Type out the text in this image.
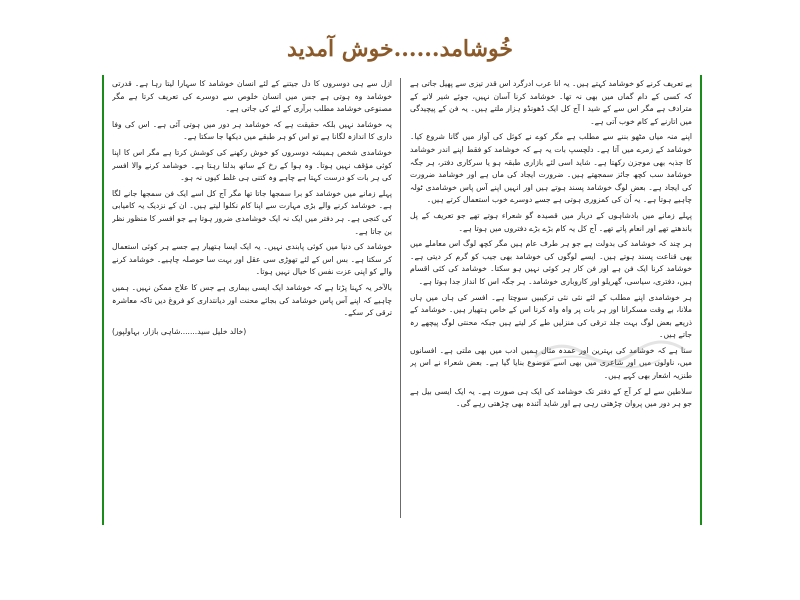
خُوشامد......خوش آمدید

یے تعریف کرنے کو خوشامد کہتے ہیں۔ یہ انا عرب ادرگرد اس قدر تیزی سے پھیل جاتی ہے کہ کسی کے دام گماں میں بھی نہ تھا۔ خوشامد کرنا آسان نہیں، جوئے شیر لانے کے مترادف ہے مگر اس سے کے شید ا آج کل ایک ڈھونڈو ہزار ملتے ہیں۔ یہ فن کے پیچیدگی میں اتارنے کے کام خوب آتی ہے۔

اپنے منہ میاں مٹھو بننے سے مطلب ہے مگر کوے نے کوئل کی آواز میں گانا شروع کیا۔ خوشامد کے زمرے میں آتا ہے۔ دلچسپ بات یہ ہے کہ خوشامد کو فقط اپنے اندر خوشامد کا جذبہ بھی موجزن رکھتا ہے۔ شاید اسی لئے بازاری طبقہ ہو یا سرکاری دفتر، ہر جگہ خوشامد سب کچھ جائز سمجھتے ہیں۔ ضرورت ایجاد کی ماں ہے اور خوشامد ضرورت کی ایجاد ہے۔ بعض لوگ خوشامد پسند ہوتے ہیں اور انہیں اپنے آس پاس خوشامدی ٹولہ چاہیے ہوتا ہے۔ یہ اُن کی کمزوری ہوتی ہے جسے دوسرے خوب استعمال کرتے ہیں۔

پہلے زمانے میں بادشاہوں کے دربار میں قصیدہ گو شعراء ہوتے تھے جو تعریف کے پل باندھتے تھے اور انعام پاتے تھے۔ آج کل یہ کام بڑے بڑے دفتروں میں ہوتا ہے۔

ہر چند کہ خوشامد کی بدولت ہے جو ہر طرف عام ہیں مگر کچھ لوگ اس معاملے میں بھی قناعت پسند ہوتے ہیں۔ ایسے لوگوں کی خوشامد بھی جیب کو گرم کر دیتی ہے۔ خوشامد کرنا ایک فن ہے اور فن کار ہر کوئی نہیں ہو سکتا۔ خوشامد کی کئی اقسام ہیں، دفتری، سیاسی، گھریلو اور کاروباری خوشامد۔ ہر جگہ اس کا انداز جدا ہوتا ہے۔

ہر خوشامدی اپنے مطلب کے لئے نئی نئی ترکیبیں سوچتا ہے۔ افسر کی ہاں میں ہاں ملانا، بے وقت مسکرانا اور ہر بات پر واہ واہ کرنا اس کے خاص ہتھیار ہیں۔ خوشامد کے ذریعے بعض لوگ بہت جلد ترقی کی منزلیں طے کر لیتے ہیں جبکہ محنتی لوگ پیچھے رہ جاتے ہیں۔

سنا ہے کہ خوشامد کی بہترین اور عمدہ مثال ہمیں ادب میں بھی ملتی ہے۔ افسانوں میں، ناولوں میں اور شاعری میں بھی اسے موضوع بنایا گیا ہے۔ بعض شعراء نے اس پر طنزیہ اشعار بھی کہے ہیں۔

سلاطین سے لے کر آج کے دفتر تک خوشامد کی ایک ہی صورت ہے۔ یہ ایک ایسی بیل ہے جو ہر دور میں پروان چڑھتی رہی ہے اور شاید آئندہ بھی چڑھتی رہے گی۔

ازل سے ہی دوسروں کا دل جیتنے کے لئے انسان خوشامد کا سہارا لیتا رہا ہے۔ قدرتی خوشامد وہ ہوتی ہے جس میں انسان خلوص سے دوسرے کی تعریف کرتا ہے مگر مصنوعی خوشامد مطلب برآری کے لئے کی جاتی ہے۔

یہ خوشامد نہیں بلکہ حقیقت ہے کہ خوشامد ہر دور میں ہوتی آئی ہے۔ اس کی وفا داری کا اندازہ لگانا ہے تو اس کو ہر طبقے میں دیکھا جا سکتا ہے۔

خوشامدی شخص ہمیشہ دوسروں کو خوش رکھنے کی کوشش کرتا ہے مگر اس کا اپنا کوئی مؤقف نہیں ہوتا۔ وہ ہوا کے رخ کے ساتھ بدلتا رہتا ہے۔ خوشامد کرنے والا افسر کی ہر بات کو درست کہتا ہے چاہے وہ کتنی ہی غلط کیوں نہ ہو۔

پہلے زمانے میں خوشامد کو برا سمجھا جاتا تھا مگر آج کل اسے ایک فن سمجھا جانے لگا ہے۔ خوشامد کرنے والے بڑی مہارت سے اپنا کام نکلوا لیتے ہیں۔ ان کے نزدیک یہ کامیابی کی کنجی ہے۔ ہر دفتر میں ایک نہ ایک خوشامدی ضرور ہوتا ہے جو افسر کا منظور نظر بن جاتا ہے۔

خوشامد کی دنیا میں کوئی پابندی نہیں۔ یہ ایک ایسا ہتھیار ہے جسے ہر کوئی استعمال کر سکتا ہے۔ بس اس کے لئے تھوڑی سی عقل اور بہت سا حوصلہ چاہیے۔ خوشامد کرنے والے کو اپنی عزت نفس کا خیال نہیں ہوتا۔

بالآخر یہ کہنا پڑتا ہے کہ خوشامد ایک ایسی بیماری ہے جس کا علاج ممکن نہیں۔ ہمیں چاہیے کہ اپنے آس پاس خوشامد کی بجائے محنت اور دیانتداری کو فروغ دیں تاکہ معاشرہ ترقی کر سکے۔

(خالد خلیل سید.......شاہی بازار، بہاولپور)
